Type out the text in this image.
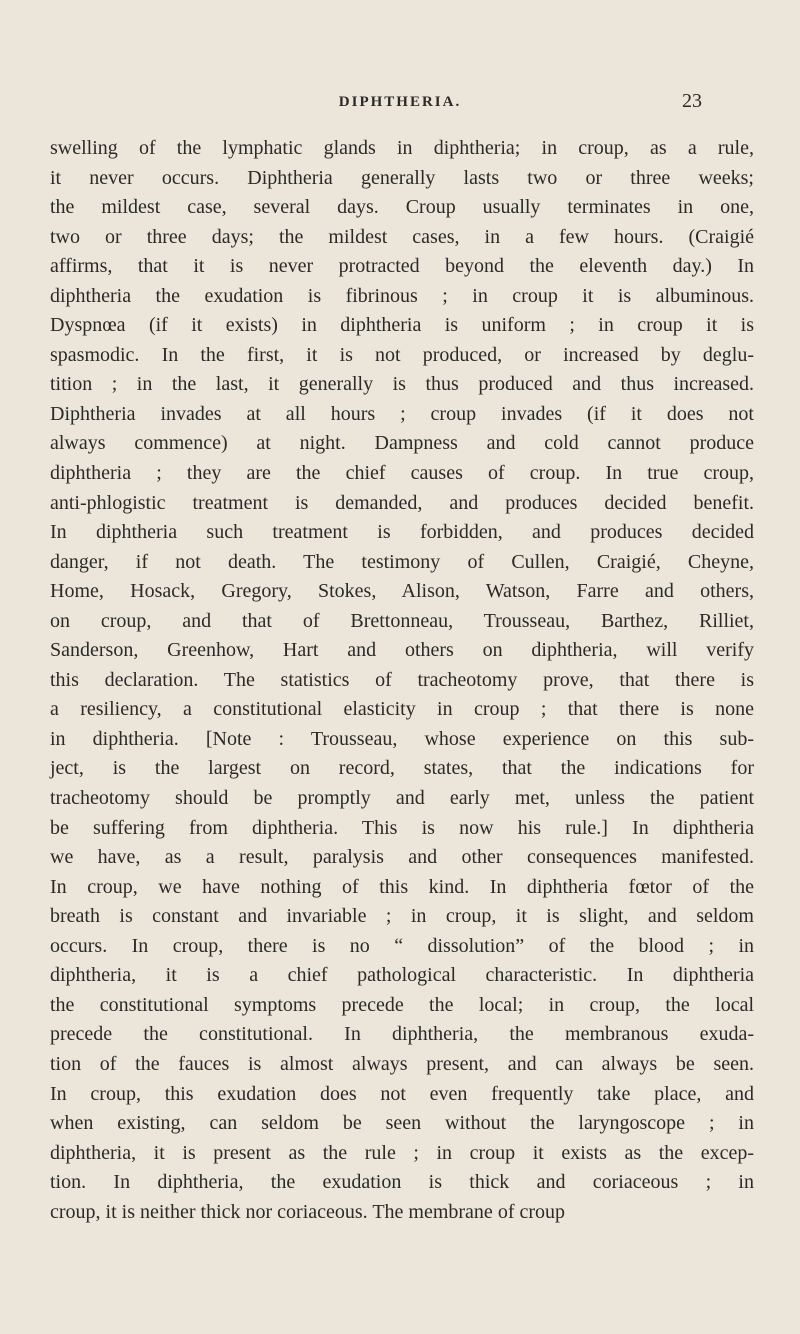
DIPHTHERIA.	23
swelling of the lymphatic glands in diphtheria; in croup, as a rule,
it never occurs. Diphtheria generally lasts two or three weeks;
the mildest case, several days. Croup usually terminates in one,
two or three days; the mildest cases, in a few hours. (Craigié
affirms, that it is never protracted beyond the eleventh day.) In
diphtheria the exudation is fibrinous ; in croup it is albuminous.
Dyspnœa (if it exists) in diphtheria is uniform ; in croup it is
spasmodic. In the first, it is not produced, or increased by deglu-
tition ; in the last, it generally is thus produced and thus increased.
Diphtheria invades at all hours ; croup invades (if it does not
always commence) at night. Dampness and cold cannot produce
diphtheria ; they are the chief causes of croup. In true croup,
anti-phlogistic treatment is demanded, and produces decided benefit.
In diphtheria such treatment is forbidden, and produces decided
danger, if not death. The testimony of Cullen, Craigié, Cheyne,
Home, Hosack, Gregory, Stokes, Alison, Watson, Farre and others,
on croup, and that of Brettonneau, Trousseau, Barthez, Rilliet,
Sanderson, Greenhow, Hart and others on diphtheria, will verify
this declaration. The statistics of tracheotomy prove, that there is
a resiliency, a constitutional elasticity in croup ; that there is none
in diphtheria. [Note : Trousseau, whose experience on this sub-
ject, is the largest on record, states, that the indications for
tracheotomy should be promptly and early met, unless the patient
be suffering from diphtheria. This is now his rule.] In diphtheria
we have, as a result, paralysis and other consequences manifested.
In croup, we have nothing of this kind. In diphtheria fœtor of the
breath is constant and invariable ; in croup, it is slight, and seldom
occurs. In croup, there is no “ dissolution” of the blood ; in
diphtheria, it is a chief pathological characteristic. In diphtheria
the constitutional symptoms precede the local; in croup, the local
precede the constitutional. In diphtheria, the membranous exuda-
tion of the fauces is almost always present, and can always be seen.
In croup, this exudation does not even frequently take place, and
when existing, can seldom be seen without the laryngoscope ; in
diphtheria, it is present as the rule ; in croup it exists as the excep-
tion. In diphtheria, the exudation is thick and coriaceous ; in
croup, it is neither thick nor coriaceous. The membrane of croup
